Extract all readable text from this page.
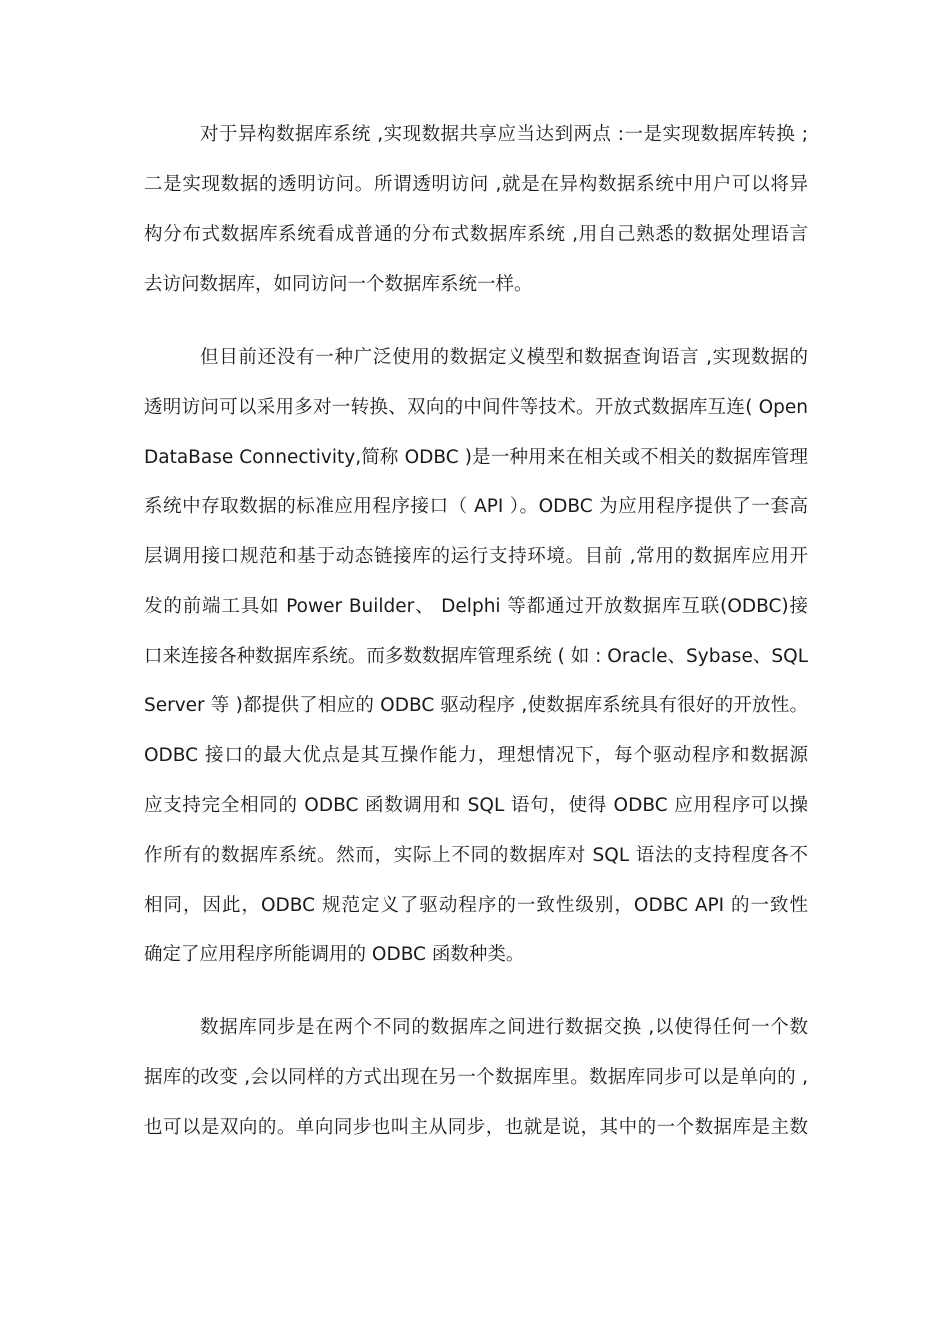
对于异构数据库系统 ,实现数据共享应当达到两点 :一是实现数据库转换 ;

二是实现数据的透明访问。所谓透明访问 ,就是在异构数据系统中用户可以将异

构分布式数据库系统看成普通的分布式数据库系统 ,用自己熟悉的数据处理语言

去访问数据库，如同访问一个数据库系统一样。

但目前还没有一种广泛使用的数据定义模型和数据查询语言 ,实现数据的

透明访问可以采用多对一转换、双向的中间件等技术。开放式数据库互连( Open

DataBase Connectivity,简称 ODBC )是一种用来在相关或不相关的数据库管理

系统中存取数据的标准应用程序接口（ API ）。ODBC 为应用程序提供了一套高

层调用接口规范和基于动态链接库的运行支持环境。目前 ,常用的数据库应用开

发的前端工具如 Power Builder、 Delphi 等都通过开放数据库互联(ODBC)接

口来连接各种数据库系统。而多数数据库管理系统 ( 如 : Oracle、Sybase、SQL

Server 等 )都提供了相应的 ODBC 驱动程序 ,使数据库系统具有很好的开放性。

ODBC 接口的最大优点是其互操作能力，理想情况下，每个驱动程序和数据源

应支持完全相同的 ODBC 函数调用和 SQL 语句，使得 ODBC 应用程序可以操

作所有的数据库系统。然而，实际上不同的数据库对 SQL 语法的支持程度各不

相同，因此，ODBC 规范定义了驱动程序的一致性级别，ODBC API 的一致性

确定了应用程序所能调用的 ODBC 函数种类。

数据库同步是在两个不同的数据库之间进行数据交换 ,以使得任何一个数

据库的改变 ,会以同样的方式出现在另一个数据库里。数据库同步可以是单向的 ,

也可以是双向的。单向同步也叫主从同步，也就是说，其中的一个数据库是主数
